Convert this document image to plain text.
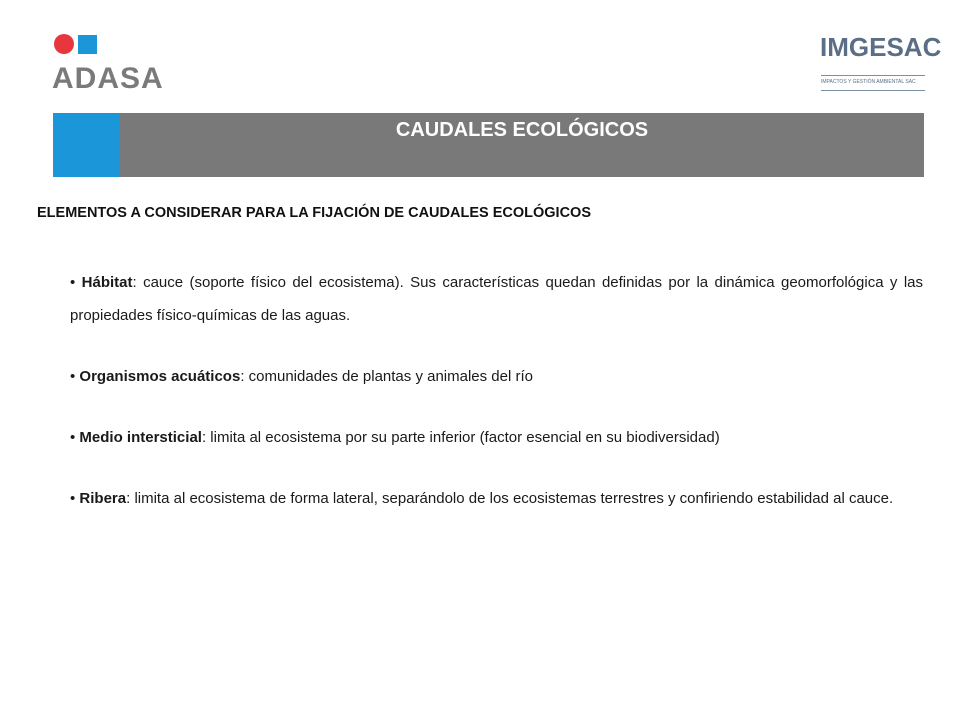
ADASA
IMGESAC
IMPACTOS Y GESTIÓN AMBIENTAL SAC
CAUDALES ECOLÓGICOS
ELEMENTOS A CONSIDERAR PARA LA FIJACIÓN DE CAUDALES ECOLÓGICOS
• Hábitat: cauce (soporte físico del ecosistema). Sus características quedan definidas por la dinámica geomorfológica y las propiedades físico-químicas de las aguas.
• Organismos acuáticos: comunidades de plantas y animales del río
• Medio intersticial: limita al ecosistema por su parte inferior (factor esencial en su biodiversidad)
• Ribera: limita al ecosistema de forma lateral, separándolo de los ecosistemas terrestres y confiriendo estabilidad al cauce.
